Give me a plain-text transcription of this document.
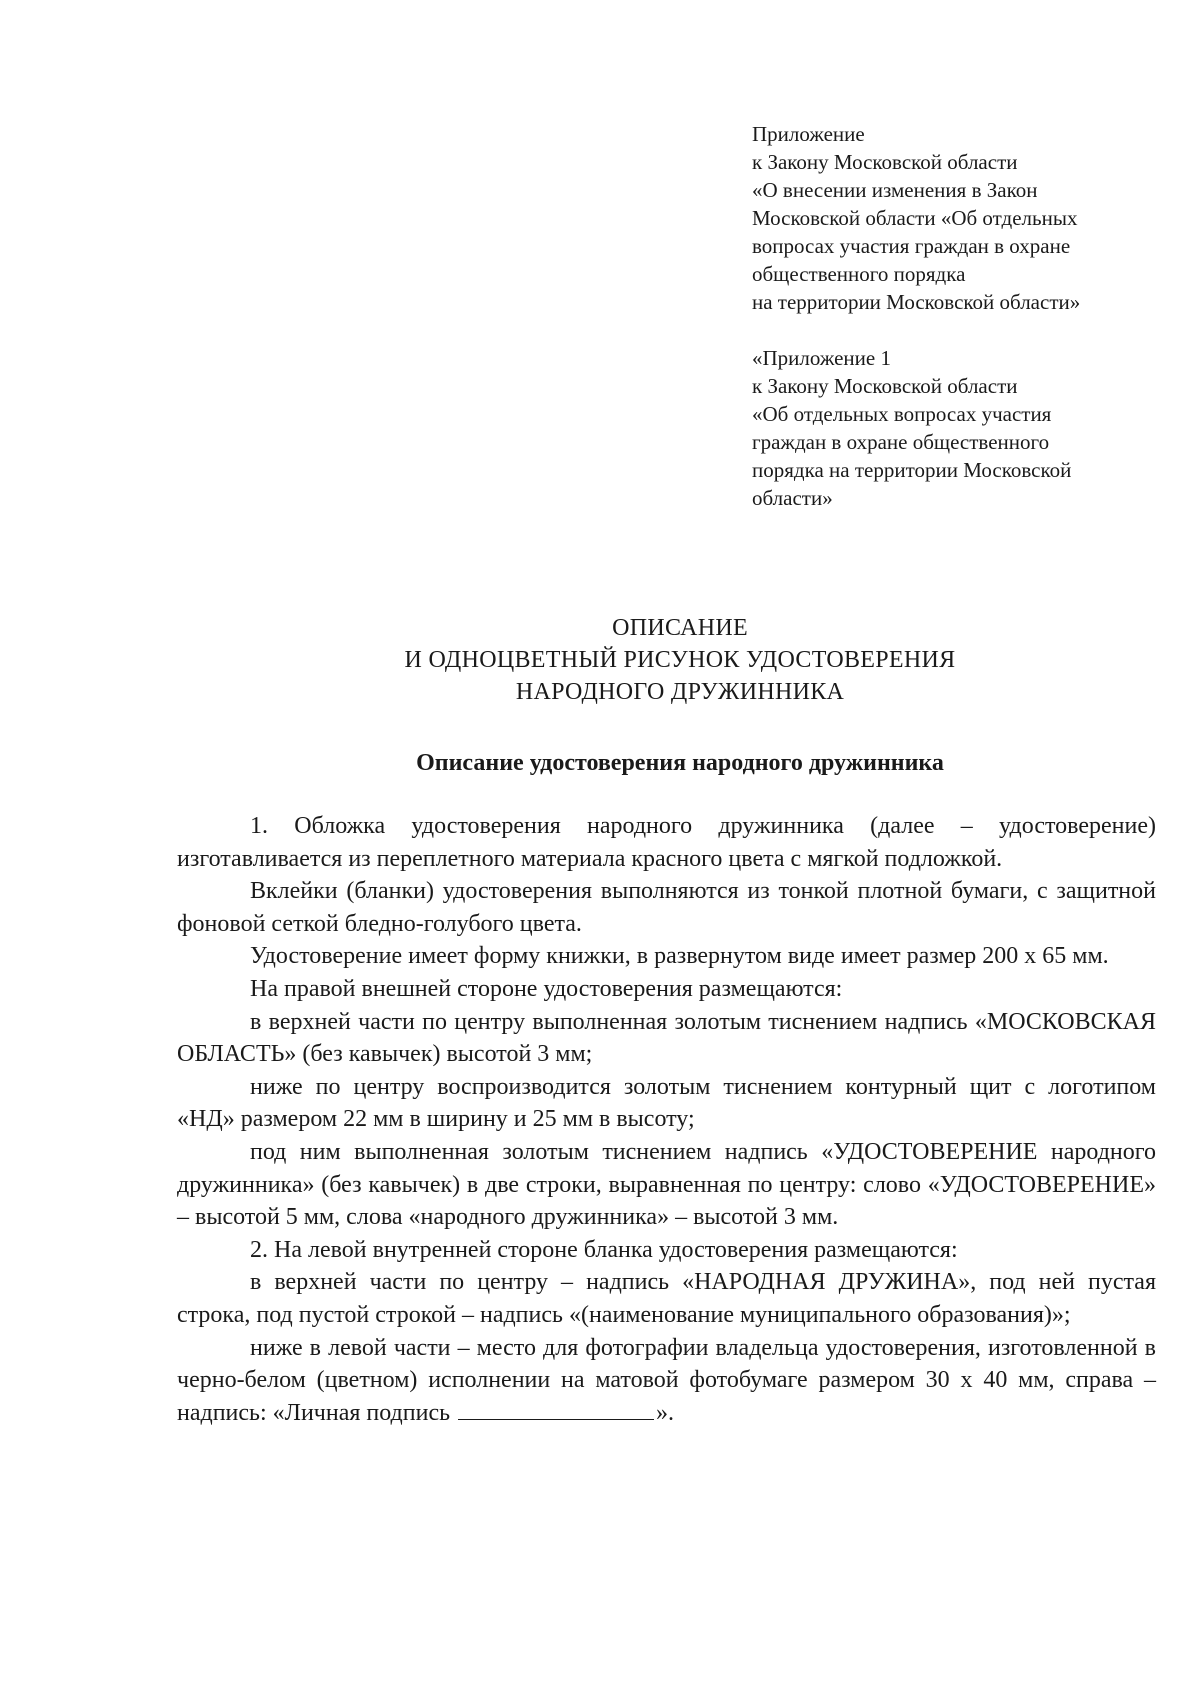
Приложение
к Закону Московской области
«О внесении изменения в Закон
Московской области «Об отдельных
вопросах участия граждан в охране
общественного порядка
на территории Московской области»
«Приложение 1
к Закону Московской области
«Об отдельных вопросах участия
граждан в охране общественного
порядка на территории Московской
области»
ОПИСАНИЕ
И ОДНОЦВЕТНЫЙ РИСУНОК УДОСТОВЕРЕНИЯ
НАРОДНОГО ДРУЖИННИКА
Описание удостоверения народного дружинника

1. Обложка удостоверения народного дружинника (далее – удостоверение) изготавливается из переплетного материала красного цвета с мягкой подложкой.

Вклейки (бланки) удостоверения выполняются из тонкой плотной бумаги, с защитной фоновой сеткой бледно-голубого цвета.

Удостоверение имеет форму книжки, в развернутом виде имеет размер 200 х 65 мм.

На правой внешней стороне удостоверения размещаются:

в верхней части по центру выполненная золотым тиснением надпись «МОСКОВСКАЯ ОБЛАСТЬ» (без кавычек) высотой 3 мм;

ниже по центру воспроизводится золотым тиснением контурный щит с логотипом «НД» размером 22 мм в ширину и 25 мм в высоту;

под ним выполненная золотым тиснением надпись «УДОСТОВЕРЕНИЕ народного дружинника» (без кавычек) в две строки, выравненная по центру: слово «УДОСТОВЕРЕНИЕ» – высотой 5 мм, слова «народного дружинника» – высотой 3 мм.

2. На левой внутренней стороне бланка удостоверения размещаются:

в верхней части по центру – надпись «НАРОДНАЯ ДРУЖИНА», под ней пустая строка, под пустой строкой – надпись «(наименование муниципального образования)»;

ниже в левой части – место для фотографии владельца удостоверения, изготовленной в черно-белом (цветном) исполнении на матовой фотобумаге размером 30 х 40 мм, справа – надпись: «Личная подпись	».
